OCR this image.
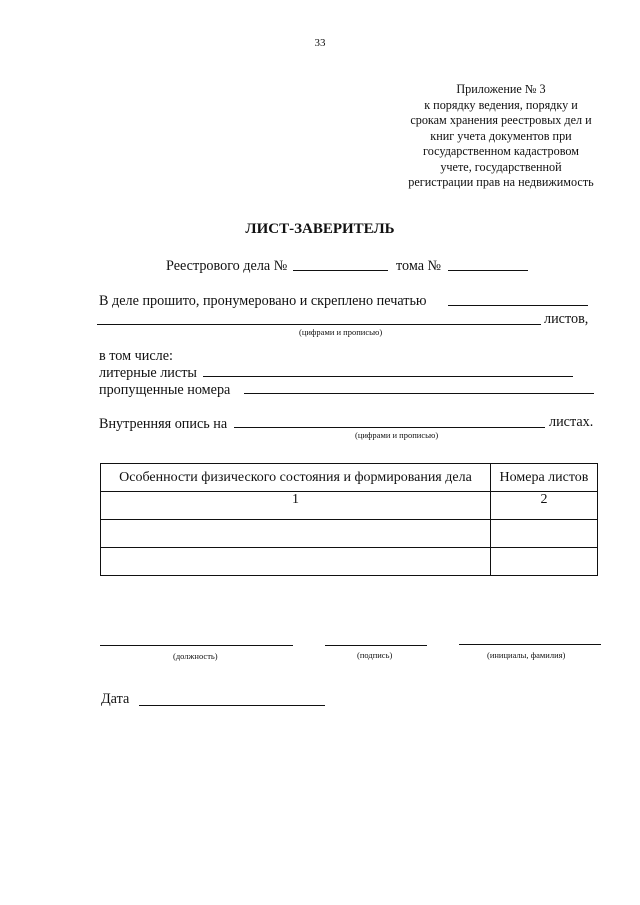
33
Приложение № 3
к порядку ведения, порядку и
срокам хранения реестровых дел и
книг учета документов при
государственном кадастровом
учете, государственной
регистрации прав на недвижимость
ЛИСТ-ЗАВЕРИТЕЛЬ
Реестрового дела №	тома №
В деле прошито, пронумеровано и скреплено печатью
листов,
(цифрами и прописью)
в том числе:
литерные листы
пропущенные номера
Внутренняя опись на	листах.
(цифрами и прописью)
Особенности физического состояния и формирования дела	Номера листов
1	2

(должность)	(подпись)	(инициалы, фамилия)
Дата
